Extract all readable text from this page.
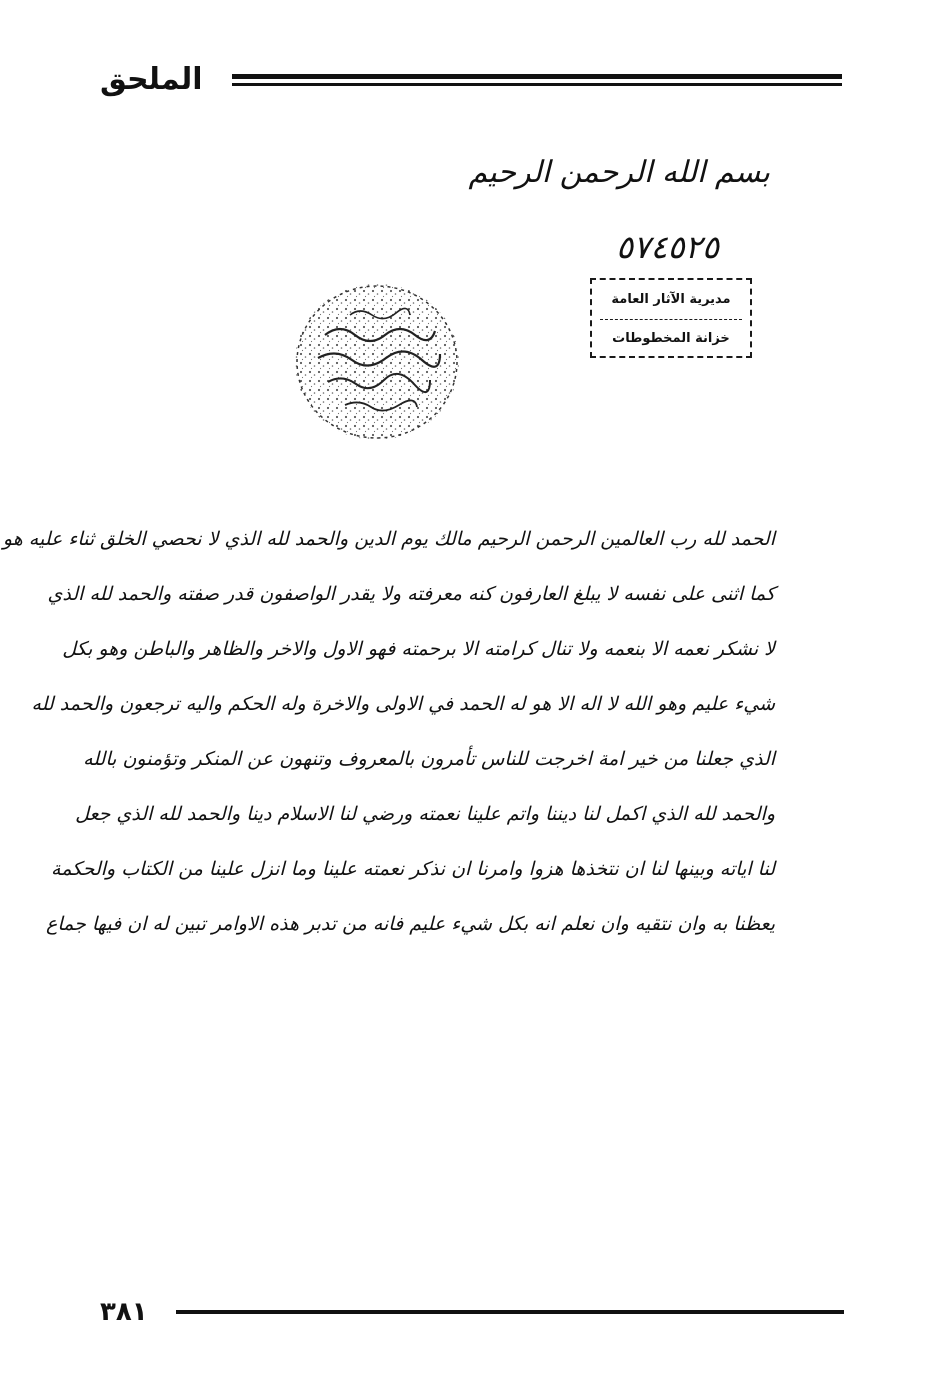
الملحق
بسم الله الرحمن الرحيم
٥٧٤٥٢٥
مديرية الآثار العامة
خزانة المخطوطات
الحمد لله رب العالمين الرحمن الرحيم مالك يوم الدين والحمد لله الذي لا نحصي الخلق ثناء عليه هو
كما اثنى على نفسه لا يبلغ العارفون كنه معرفته ولا يقدر الواصفون قدر صفته والحمد لله الذي
لا نشكر نعمه الا بنعمه ولا تنال كرامته الا برحمته فهو الاول والاخر والظاهر والباطن وهو بكل
شيء عليم وهو الله لا اله الا هو له الحمد في الاولى والاخرة وله الحكم واليه ترجعون والحمد لله
الذي جعلنا من خير امة اخرجت للناس تأمرون بالمعروف وتنهون عن المنكر وتؤمنون بالله
والحمد لله الذي اكمل لنا ديننا واتم علينا نعمته ورضي لنا الاسلام دينا والحمد لله الذي جعل
لنا اياته وبينها لنا ان نتخذها هزوا وامرنا ان نذكر نعمته علينا وما انزل علينا من الكتاب والحكمة
يعظنا به وان نتقيه وان نعلم انه بكل شيء عليم فانه من تدبر هذه الاوامر تبين له ان فيها جماع
٣٨١
